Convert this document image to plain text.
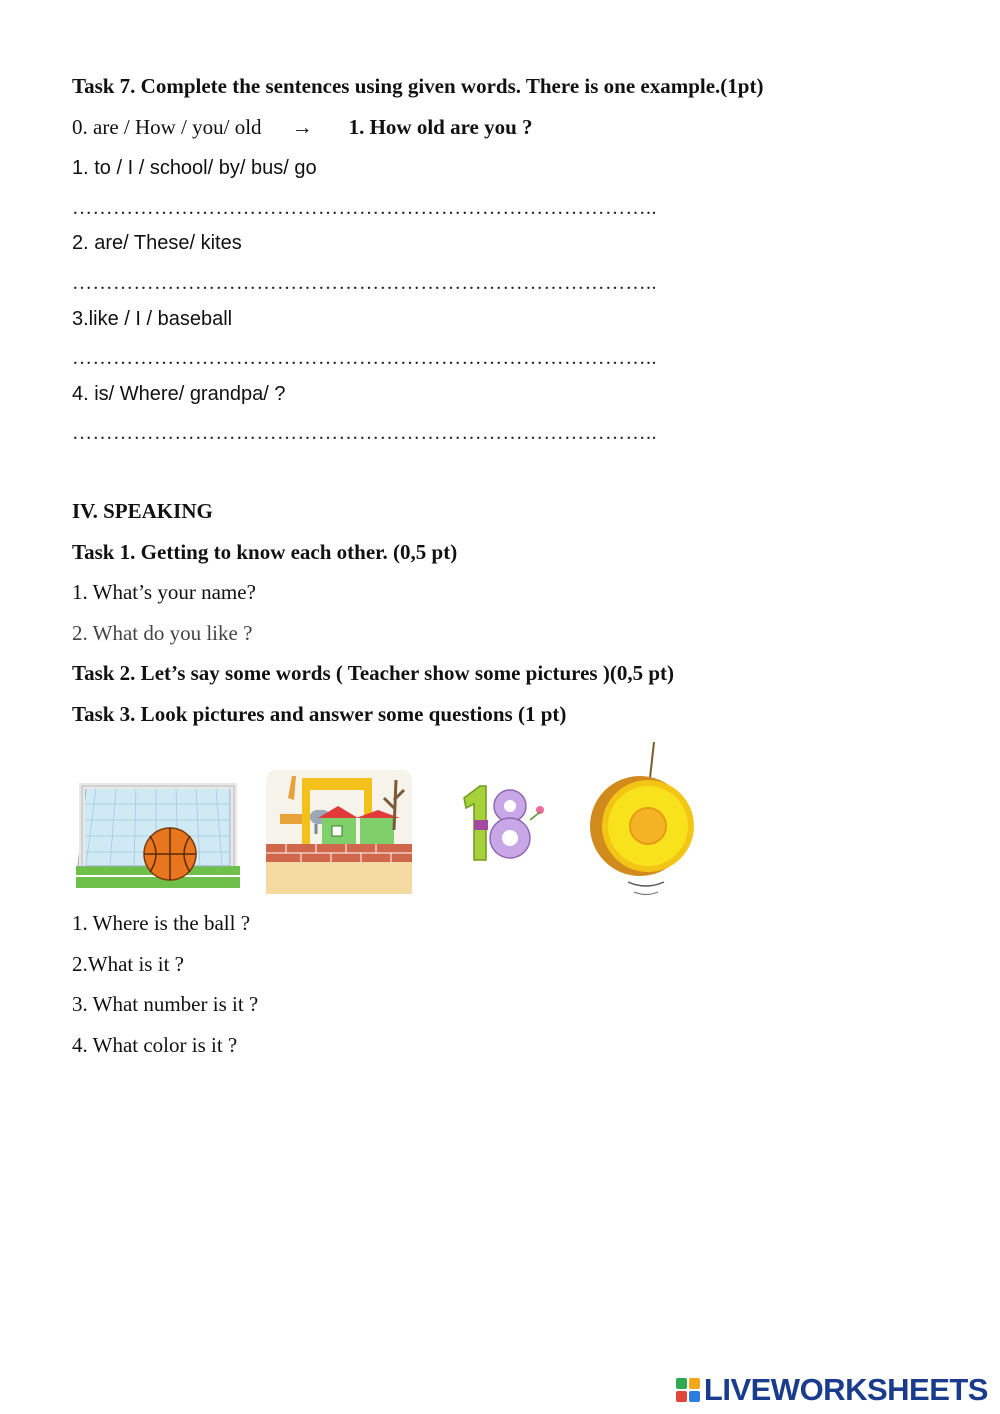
Task 7. Complete the sentences using given words. There is one example.(1pt)
0. are / How / you/ old → 1. How old are you ?
1. to / I / school/ by/ bus/ go
…………………………………………………………………………..
2. are/ These/ kites
…………………………………………………………………………..
3.like / I / baseball
…………………………………………………………………………..
4. is/ Where/ grandpa/ ?
…………………………………………………………………………..
IV. SPEAKING
Task 1. Getting to know each other. (0,5 pt)
1. What’s your name?
2. What do you like ?
Task 2. Let’s say some words ( Teacher show some pictures )(0,5 pt)
Task 3. Look pictures and answer some questions (1 pt)
18
1. Where is the ball ?
2.What is it ?
3. What number is it ?
4. What color is it ?
LIVEWORKSHEETS
